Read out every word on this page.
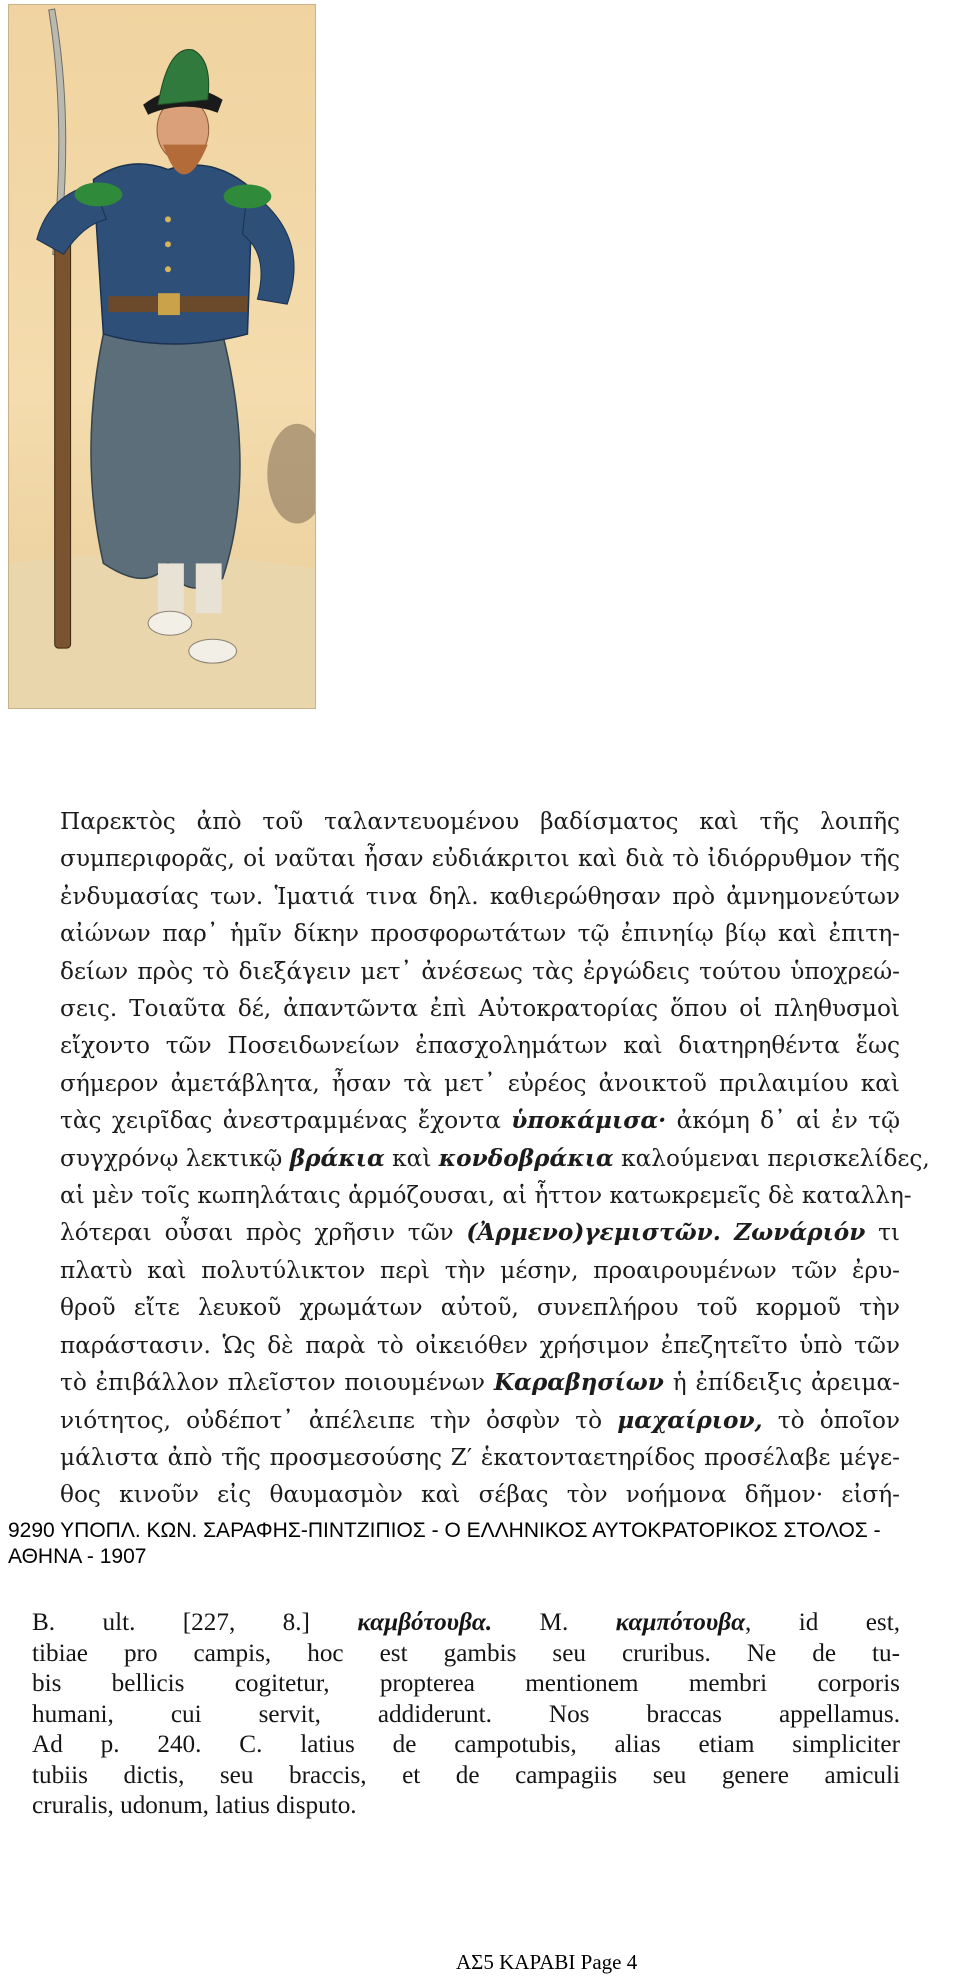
Παρεκτὸς ἀπὸ τοῦ ταλαντευομένου βαδίσματος καὶ τῆς λοιπῆς
συμπεριφορᾶς, οἱ ναῦται ἦσαν εὐδιάκριτοι καὶ διὰ τὸ ἰδιόρρυθμον τῆς
ἐνδυμασίας των. Ἱματιά τινα δηλ. καθιερώθησαν πρὸ ἀμνημονεύτων
αἰώνων παρ᾽ ἡμῖν δίκην προσφορωτάτων τῷ ἐπινηίῳ βίῳ καὶ ἐπιτη-
δείων πρὸς τὸ διεξάγειν μετ᾽ ἀνέσεως τὰς ἐργώδεις τούτου ὑποχρεώ-
σεις. Τοιαῦτα δέ, ἀπαντῶντα ἐπὶ Αὐτοκρατορίας ὅπου οἱ πληθυσμοὶ
εἴχοντο τῶν Ποσειδωνείων ἐπασχολημάτων καὶ διατηρηθέντα ἕως
σήμερον ἀμετάβλητα, ἦσαν τὰ μετ᾽ εὐρέος ἀνοικτοῦ πριλαιμίου καὶ
τὰς χειρῖδας ἀνεστραμμένας ἔχοντα ὑποκάμισα· ἀκόμη δ᾽ αἱ ἐν τῷ
συγχρόνῳ λεκτικῷ βράκια καὶ κονδοβράκια καλούμεναι περισκελίδες,
αἱ μὲν τοῖς κωπηλάταις ἁρμόζουσαι, αἱ ἧττον κατωκρεμεῖς δὲ καταλλη-
λότεραι οὖσαι πρὸς χρῆσιν τῶν (Ἀρμενο)γεμιστῶν. Ζωνάριόν τι
πλατὺ καὶ πολυτύλικτον περὶ τὴν μέσην, προαιρουμένων τῶν ἐρυ-
θροῦ εἴτε λευκοῦ χρωμάτων αὐτοῦ, συνεπλήρου τοῦ κορμοῦ τὴν
παράστασιν. Ὡς δὲ παρὰ τὸ οἰκειόθεν χρήσιμον ἐπεζητεῖτο ὑπὸ τῶν
τὸ ἐπιβάλλον πλεῖστον ποιουμένων Καραβησίων ἡ ἐπίδειξις ἀρειμα-
νιότητος, οὐδέποτ᾽ ἀπέλειπε τὴν ὀσφὺν τὸ μαχαίριον, τὸ ὁποῖον
μάλιστα ἀπὸ τῆς προσμεσούσης Ζ′ ἑκατονταετηρίδος προσέλαβε μέγε-
θος κινοῦν εἰς θαυμασμὸν καὶ σέβας τὸν νοήμονα δῆμον· εἰσή-
9290 ΥΠΟΠΛ. ΚΩΝ. ΣΑΡΑΦΗΣ-ΠΙΝΤΖΙΠΙΟΣ - Ο ΕΛΛΗΝΙΚΟΣ ΑΥΤΟΚΡΑΤΟΡΙΚΟΣ ΣΤΟΛΟΣ -
ΑΘΗΝΑ - 1907
B. ult. [227, 8.] καμβότουβα. M. καμπότουβα, id est,
tibiae pro campis, hoc est gambis seu cruribus. Ne de tu-
bis bellicis cogitetur, propterea mentionem membri corporis
humani, cui servit, addiderunt. Nos braccas appellamus.
Ad p. 240. C. latius de campotubis, alias etiam simpliciter
tubiis dictis, seu braccis, et de campagiis seu genere amiculi
cruralis, udonum, latius disputo.
ΑΣ5 ΚΑΡΑΒΙ Page 4
